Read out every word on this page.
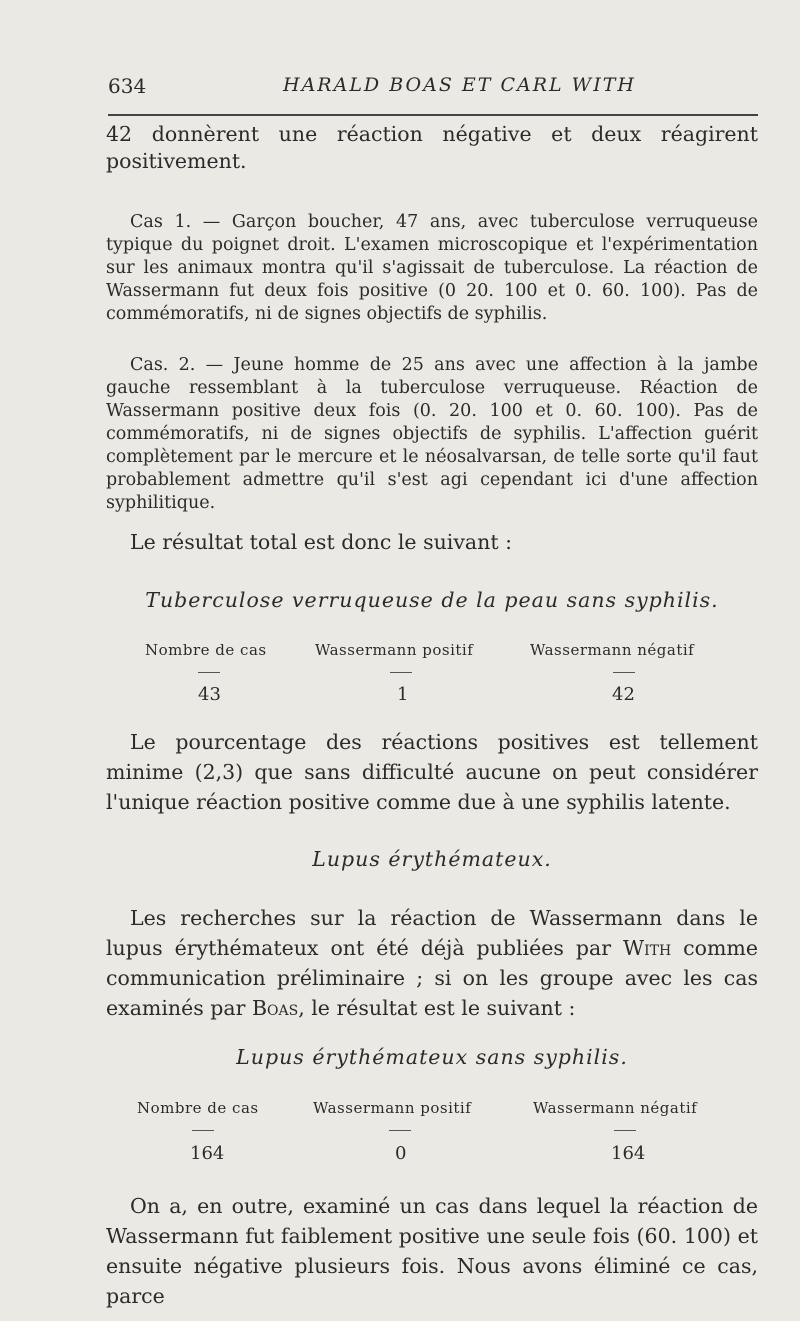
634	HARALD BOAS ET CARL WITH

42 donnèrent une réaction négative et deux réagirent positivement.

Cas 1. — Garçon boucher, 47 ans, avec tuberculose verruqueuse typique du poignet droit. L'examen microscopique et l'expérimentation sur les animaux montra qu'il s'agissait de tuberculose. La réaction de Wassermann fut deux fois positive (0 20. 100 et 0. 60. 100). Pas de commémoratifs, ni de signes objectifs de syphilis.

Cas. 2. — Jeune homme de 25 ans avec une affection à la jambe gauche ressemblant à la tuberculose verruqueuse. Réaction de Wassermann positive deux fois (0. 20. 100 et 0. 60. 100). Pas de commémoratifs, ni de signes objectifs de syphilis. L'affection guérit complètement par le mercure et le néosalvarsan, de telle sorte qu'il faut probablement admettre qu'il s'est agi cependant ici d'une affection syphilitique.

Le résultat total est donc le suivant :

Tuberculose verruqueuse de la peau sans syphilis.
Nombre de cas	Wassermann positif	Wassermann négatif
43	1	42

Le pourcentage des réactions positives est tellement minime (2,3) que sans difficulté aucune on peut considérer l'unique réaction positive comme due à une syphilis latente.

Lupus érythémateux.

Les recherches sur la réaction de Wassermann dans le lupus érythémateux ont été déjà publiées par With comme communication préliminaire ; si on les groupe avec les cas examinés par Boas, le résultat est le suivant :

Lupus érythémateux sans syphilis.
Nombre de cas	Wassermann positif	Wassermann négatif
164	0	164

On a, en outre, examiné un cas dans lequel la réaction de Wassermann fut faiblement positive une seule fois (60. 100) et ensuite négative plusieurs fois. Nous avons éliminé ce cas, parce
